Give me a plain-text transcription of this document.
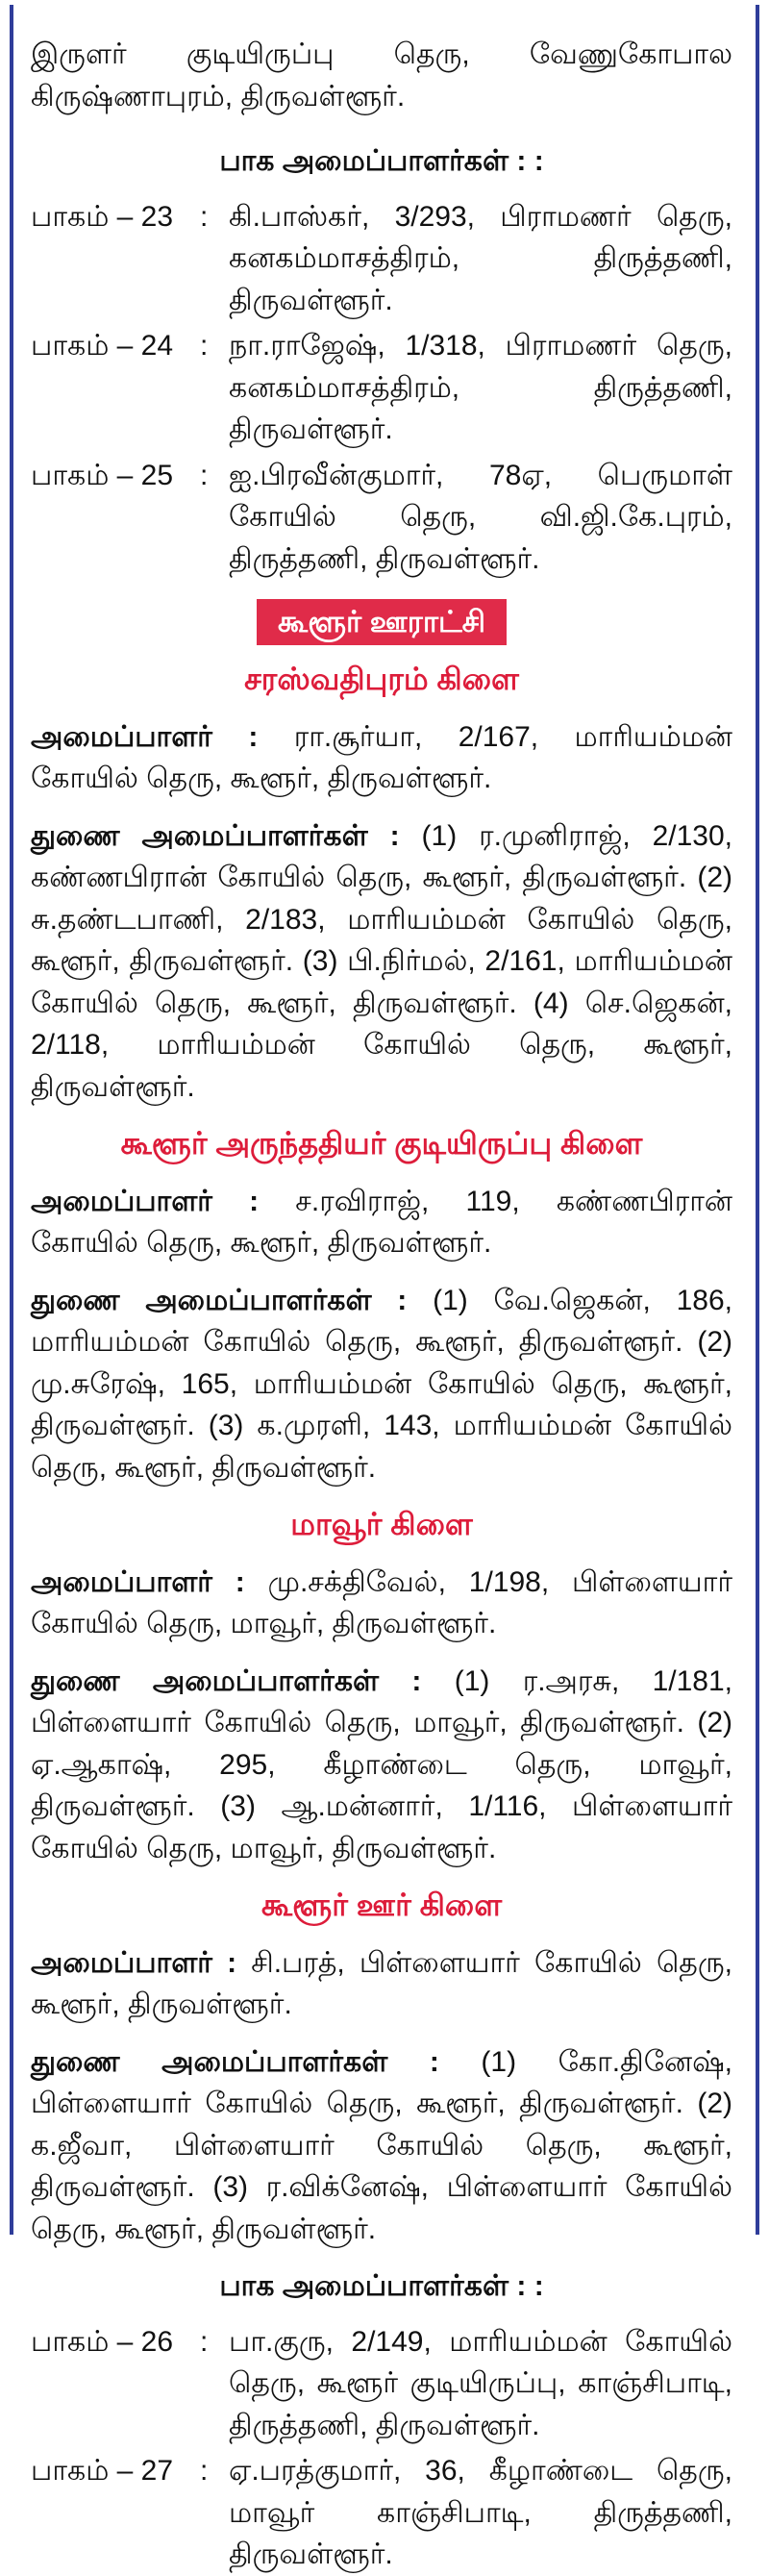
இருளர் குடியிருப்பு தெரு, வேணுகோபால கிருஷ்ணாபுரம், திருவள்ளூர்.

பாக அமைப்பாளர்கள் : :
பாகம் – 23 : கி.பாஸ்கர், 3/293, பிராமணர் தெரு, கனகம்மாசத்திரம், திருத்தணி, திருவள்ளூர்.
பாகம் – 24 : நா.ராஜேஷ், 1/318, பிராமணர் தெரு, கனகம்மாசத்திரம், திருத்தணி, திருவள்ளூர்.
பாகம் – 25 : ஐ.பிரவீன்குமார், 78ஏ, பெருமாள் கோயில் தெரு, வி.ஜி.கே.புரம், திருத்தணி, திருவள்ளூர்.
கூளூர் ஊராட்சி
சரஸ்வதிபுரம் கிளை

அமைப்பாளர் : ரா.சூர்யா, 2/167, மாரியம்மன் கோயில் தெரு, கூளூர், திருவள்ளூர்.

துணை அமைப்பாளர்கள் : (1) ர.முனிராஜ், 2/130, கண்ணபிரான் கோயில் தெரு, கூளூர், திருவள்ளூர். (2) சு.தண்டபாணி, 2/183, மாரியம்மன் கோயில் தெரு, கூளூர், திருவள்ளூர். (3) பி.நிர்மல், 2/161, மாரியம்மன் கோயில் தெரு, கூளூர், திருவள்ளூர். (4) செ.ஜெகன், 2/118, மாரியம்மன் கோயில் தெரு, கூளூர், திருவள்ளூர்.

கூளூர் அருந்ததியர் குடியிருப்பு கிளை

அமைப்பாளர் : ச.ரவிராஜ், 119, கண்ணபிரான் கோயில் தெரு, கூளூர், திருவள்ளூர்.

துணை அமைப்பாளர்கள் : (1) வே.ஜெகன், 186, மாரியம்மன் கோயில் தெரு, கூளூர், திருவள்ளூர். (2) மு.சுரேஷ், 165, மாரியம்மன் கோயில் தெரு, கூளூர், திருவள்ளூர். (3) க.முரளி, 143, மாரியம்மன் கோயில் தெரு, கூளூர், திருவள்ளூர்.

மாவூர் கிளை

அமைப்பாளர் : மு.சக்திவேல், 1/198, பிள்ளையார் கோயில் தெரு, மாவூர், திருவள்ளூர்.

துணை அமைப்பாளர்கள் : (1) ர.அரசு, 1/181, பிள்ளையார் கோயில் தெரு, மாவூர், திருவள்ளூர். (2) ஏ.ஆகாஷ், 295, கீழாண்டை தெரு, மாவூர், திருவள்ளூர். (3) ஆ.மன்னார், 1/116, பிள்ளையார் கோயில் தெரு, மாவூர், திருவள்ளூர்.

கூளூர் ஊர் கிளை

அமைப்பாளர் : சி.பரத், பிள்ளையார் கோயில் தெரு, கூளூர், திருவள்ளூர்.

துணை அமைப்பாளர்கள் : (1) கோ.தினேஷ், பிள்ளையார் கோயில் தெரு, கூளூர், திருவள்ளூர். (2) க.ஜீவா, பிள்ளையார் கோயில் தெரு, கூளூர், திருவள்ளூர். (3) ர.விக்னேஷ், பிள்ளையார் கோயில் தெரு, கூளூர், திருவள்ளூர்.

பாக அமைப்பாளர்கள் : :
பாகம் – 26 : பா.குரு, 2/149, மாரியம்மன் கோயில் தெரு, கூளூர் குடியிருப்பு, காஞ்சிபாடி, திருத்தணி, திருவள்ளூர்.
பாகம் – 27 : ஏ.பரத்குமார், 36, கீழாண்டை தெரு, மாவூர் காஞ்சிபாடி, திருத்தணி, திருவள்ளூர்.
